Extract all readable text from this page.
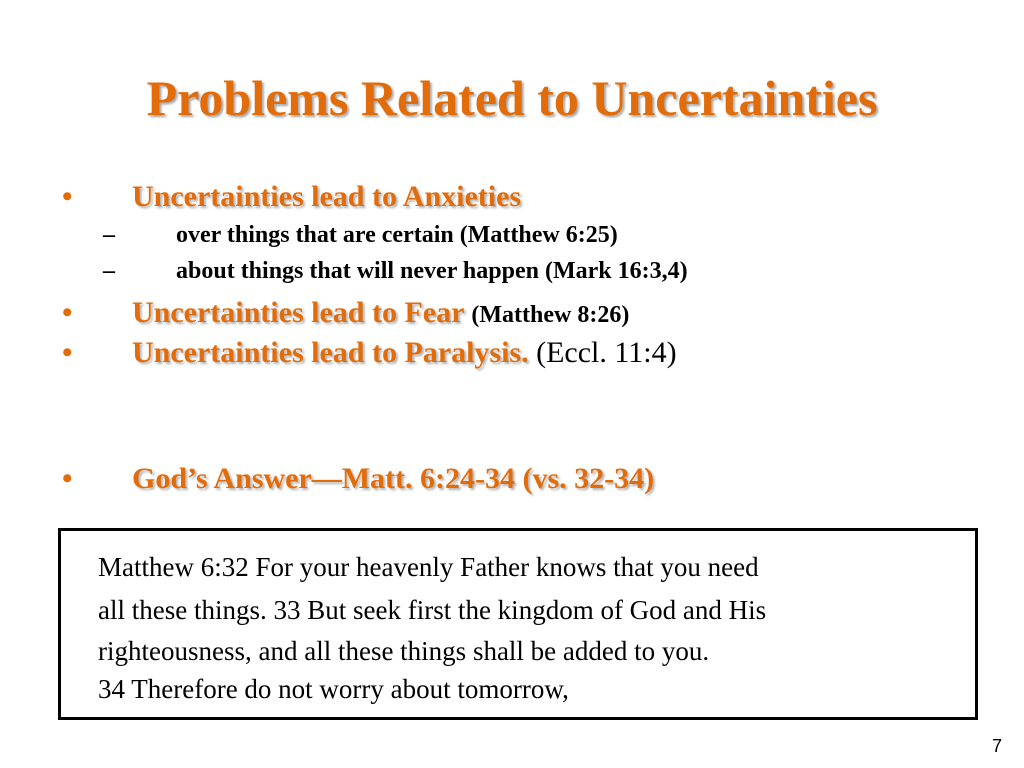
Problems Related to Uncertainties
• Uncertainties lead to Anxieties
–	over things that are certain (Matthew 6:25)
–	about things that will never happen (Mark 16:3,4)
• Uncertainties lead to Fear (Matthew 8:26)
• Uncertainties lead to Paralysis. (Eccl. 11:4)
• God’s Answer—Matt. 6:24-34 (vs. 32-34)
Matthew 6:32 For your heavenly Father knows that you need
all these things. 33 But seek first the kingdom of God and His
righteousness, and all these things shall be added to you.
34 Therefore do not worry about tomorrow,
7
